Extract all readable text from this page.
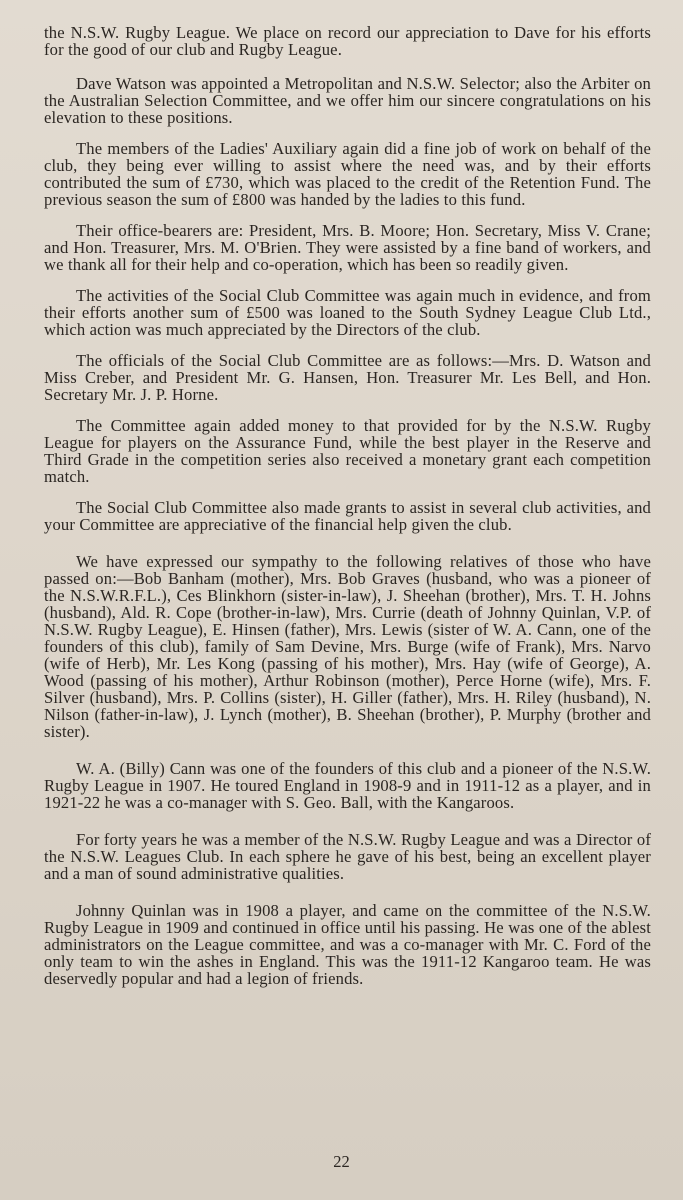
the N.S.W. Rugby League. We place on record our appreciation to Dave for his efforts for the good of our club and Rugby League.

Dave Watson was appointed a Metropolitan and N.S.W. Selector; also the Arbiter on the Australian Selection Committee, and we offer him our sincere congratulations on his elevation to these positions.

The members of the Ladies' Auxiliary again did a fine job of work on behalf of the club, they being ever willing to assist where the need was, and by their efforts contributed the sum of £730, which was placed to the credit of the Retention Fund. The previous season the sum of £800 was handed by the ladies to this fund.

Their office-bearers are: President, Mrs. B. Moore; Hon. Secretary, Miss V. Crane; and Hon. Treasurer, Mrs. M. O'Brien. They were assisted by a fine band of workers, and we thank all for their help and co-operation, which has been so readily given.

The activities of the Social Club Committee was again much in evidence, and from their efforts another sum of £500 was loaned to the South Sydney League Club Ltd., which action was much appreciated by the Directors of the club.

The officials of the Social Club Committee are as follows:—Mrs. D. Watson and Miss Creber, and President Mr. G. Hansen, Hon. Treasurer Mr. Les Bell, and Hon. Secretary Mr. J. P. Horne.

The Committee again added money to that provided for by the N.S.W. Rugby League for players on the Assurance Fund, while the best player in the Reserve and Third Grade in the competition series also received a monetary grant each competition match.

The Social Club Committee also made grants to assist in several club activities, and your Committee are appreciative of the financial help given the club.

We have expressed our sympathy to the following relatives of those who have passed on:—Bob Banham (mother), Mrs. Bob Graves (husband, who was a pioneer of the N.S.W.R.F.L.), Ces Blinkhorn (sister-in-law), J. Sheehan (brother), Mrs. T. H. Johns (husband), Ald. R. Cope (brother-in-law), Mrs. Currie (death of Johnny Quinlan, V.P. of N.S.W. Rugby League), E. Hinsen (father), Mrs. Lewis (sister of W. A. Cann, one of the founders of this club), family of Sam Devine, Mrs. Burge (wife of Frank), Mrs. Narvo (wife of Herb), Mr. Les Kong (passing of his mother), Mrs. Hay (wife of George), A. Wood (passing of his mother), Arthur Robinson (mother), Perce Horne (wife), Mrs. F. Silver (husband), Mrs. P. Collins (sister), H. Giller (father), Mrs. H. Riley (husband), N. Nilson (father-in-law), J. Lynch (mother), B. Sheehan (brother), P. Murphy (brother and sister).

W. A. (Billy) Cann was one of the founders of this club and a pioneer of the N.S.W. Rugby League in 1907. He toured England in 1908-9 and in 1911-12 as a player, and in 1921-22 he was a co-manager with S. Geo. Ball, with the Kangaroos.

For forty years he was a member of the N.S.W. Rugby League and was a Director of the N.S.W. Leagues Club. In each sphere he gave of his best, being an excellent player and a man of sound administrative qualities.

Johnny Quinlan was in 1908 a player, and came on the committee of the N.S.W. Rugby League in 1909 and continued in office until his passing. He was one of the ablest administrators on the League committee, and was a co-manager with Mr. C. Ford of the only team to win the ashes in England. This was the 1911-12 Kangaroo team. He was deservedly popular and had a legion of friends.

22
